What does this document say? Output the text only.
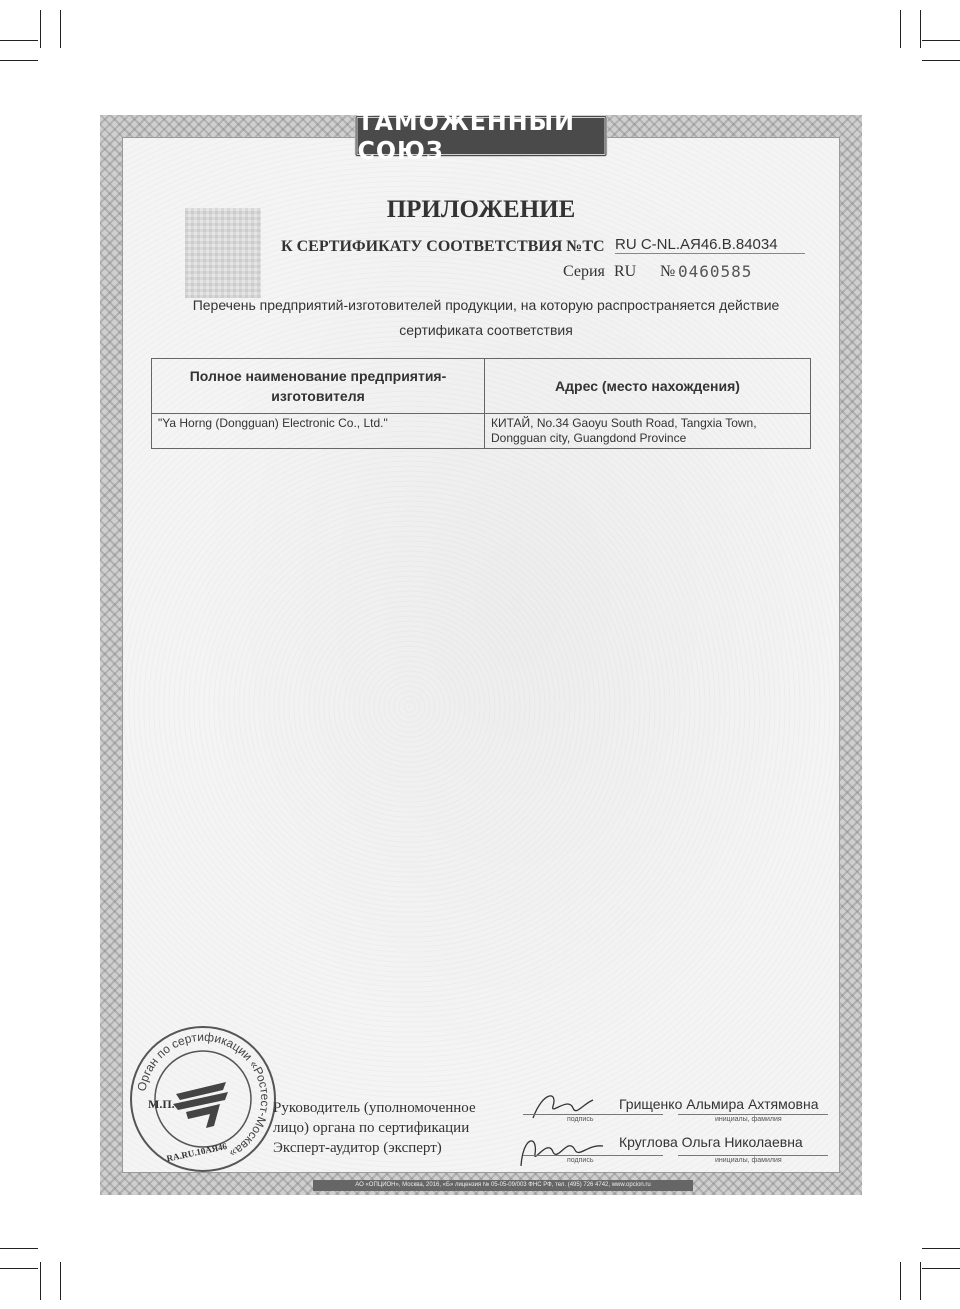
ПРИЛОЖЕНИЕ
К СЕРТИФИКАТУ СООТВЕТСТВИЯ №ТС RU C-NL.АЯ46.В.84034
Серия RU № 0460585
Перечень предприятий-изготовителей продукции, на которую распространяется действие
сертификата соответствия
Полное наименование предприятия-изготовителя	Адрес (место нахождения)
"Ya Horng (Dongguan) Electronic Co., Ltd."	КИТАЙ, No.34 Gaoyu South Road, Tangxia Town, Dongguan city, Guangdond Province
Орган по сертификации «Ростест-Москва»
М.П.
RA.RU.10АЯ46
Руководитель (уполномоченное лицо) органа по сертификации
Эксперт-аудитор (эксперт)
подпись
Грищенко Альмира Ахтямовна
инициалы, фамилия
подпись
Круглова Ольга Николаевна
инициалы, фамилия
АО «ОПЦИОН», Москва, 2016, «Б» лицензия № 05-05-09/003 ФНС РФ, тел. (495) 726 4742, www.opcion.ru
ТАМОЖЕННЫЙ СОЮЗ
